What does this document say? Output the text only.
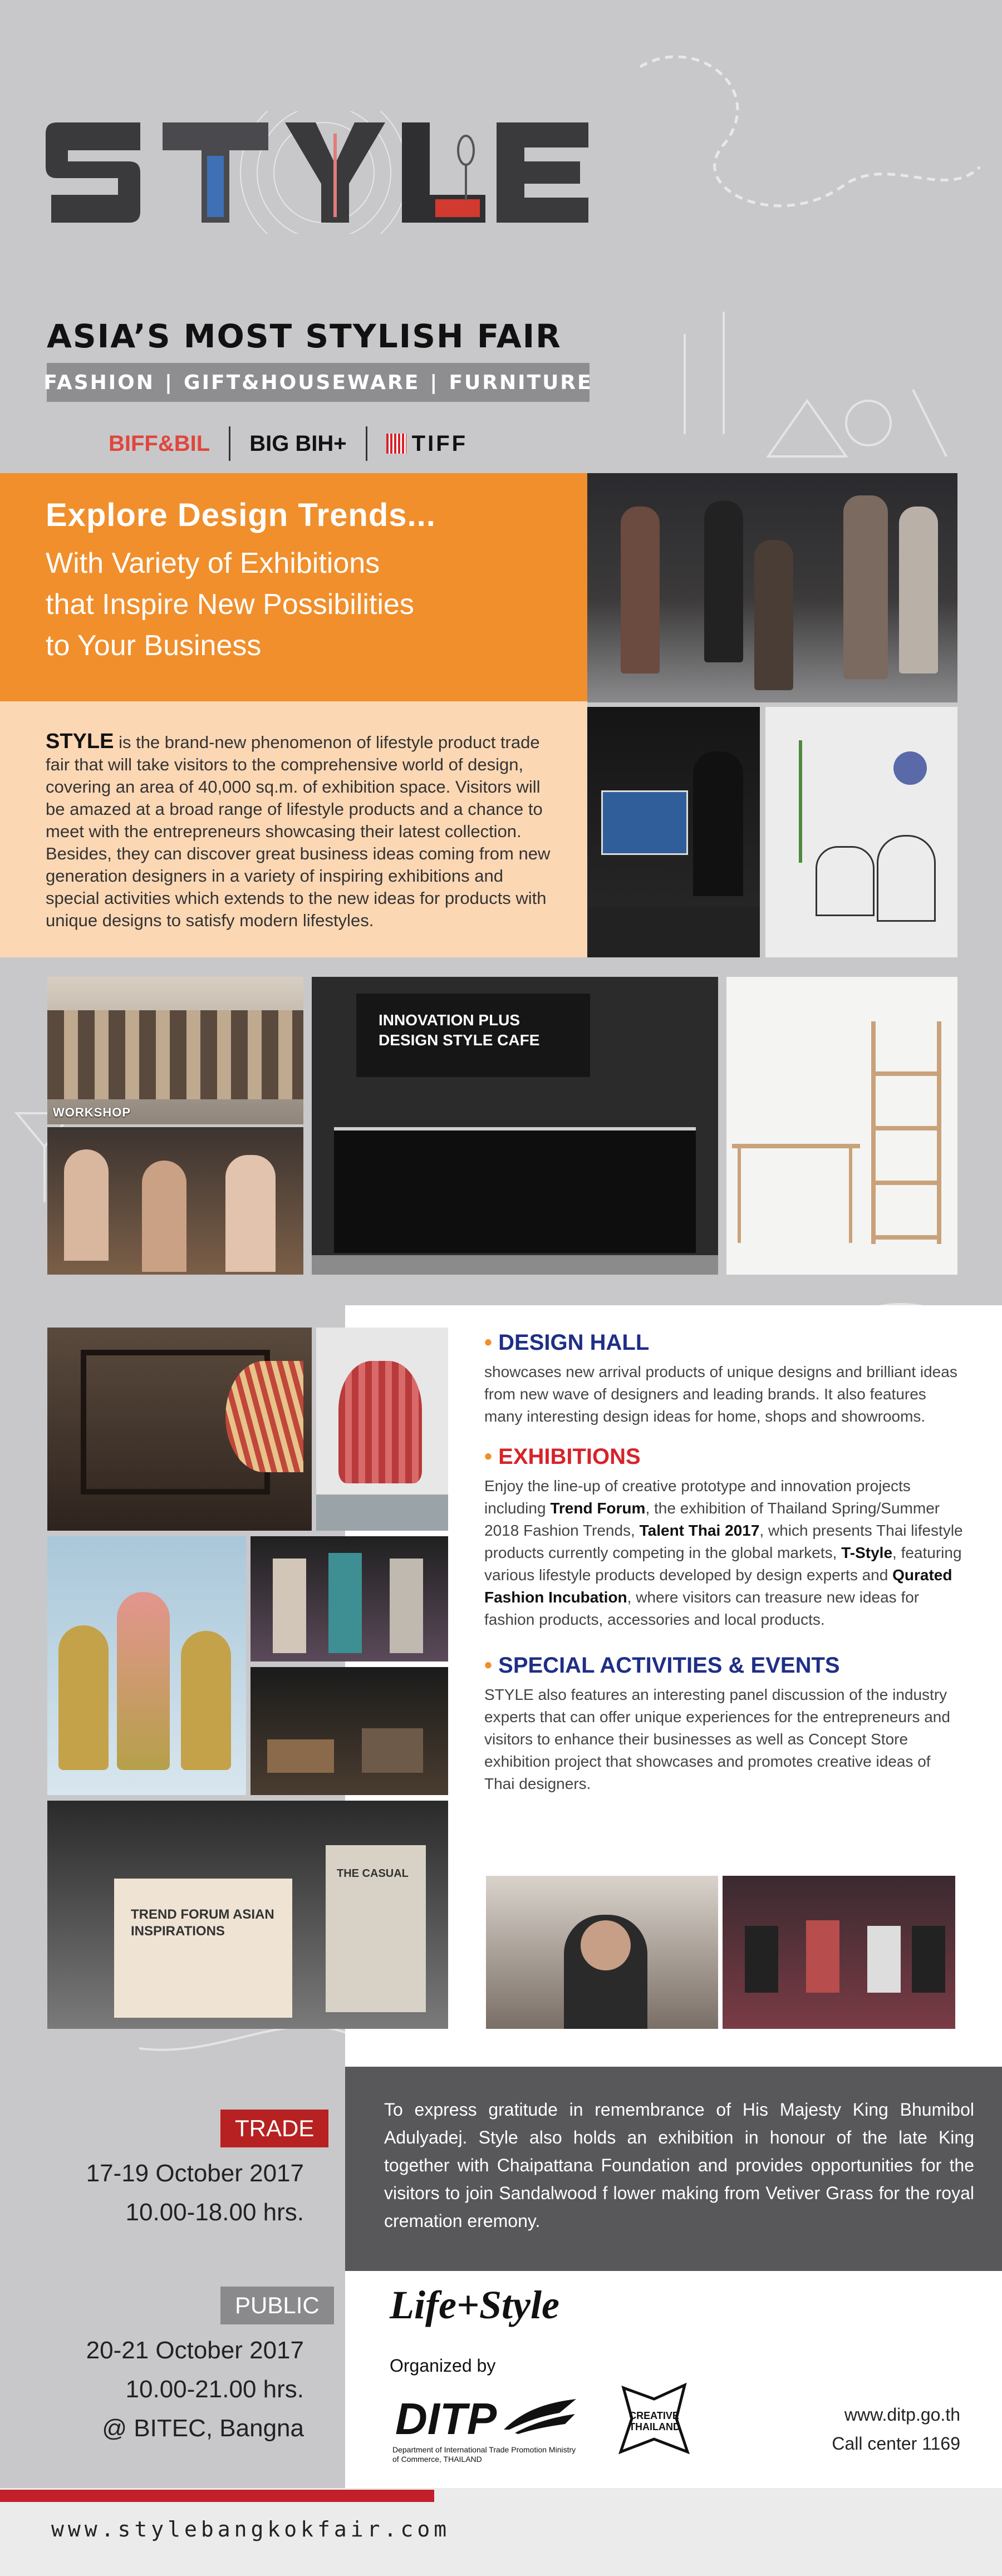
ASIA’S MOST STYLISH FAIR
FASHION | GIFT&HOUSEWARE | FURNITURE
BIFF&BIL BIG BIH+	TIFF
Explore Design Trends...
With Variety of Exhibitions
that Inspire New Possibilities
to Your Business

STYLE is the brand-new phenomenon of lifestyle product trade fair that will take visitors to the comprehensive world of design, covering an area of 40,000 sq.m. of exhibition space. Visitors will be amazed at a broad range of lifestyle products and a chance to meet with the entrepreneurs showcasing their latest collection. Besides, they can discover great business ideas coming from new generation designers in a variety of inspiring exhibitions and special activities which extends to the new ideas for products with unique designs to satisfy modern lifestyles.

WORKSHOP
INNOVATION PLUS DESIGN STYLE CAFE
TREND FORUM ASIAN INSPIRATIONS
THE CASUAL
• DESIGN HALL

showcases new arrival products of unique designs and brilliant ideas from new wave of designers and leading brands. It also features many interesting design ideas for home, shops and showrooms.

• EXHIBITIONS

Enjoy the line-up of creative prototype and innovation projects including Trend Forum, the exhibition of Thailand Spring/Summer 2018 Fashion Trends, Talent Thai 2017, which presents Thai lifestyle products currently competing in the global markets, T-Style, featuring various lifestyle products developed by design experts and Qurated Fashion Incubation, where visitors can treasure new ideas for fashion products, accessories and local products.

• SPECIAL ACTIVITIES & EVENTS

STYLE also features an interesting panel discussion of the industry experts that can offer unique experiences for the entrepreneurs and visitors to enhance their businesses as well as Concept Store exhibition project that showcases and promotes creative ideas of Thai designers.

To express gratitude in remembrance of His Majesty King Bhumibol Adulyadej. Style also holds an exhibition in honour of the late King together with Chaipattana Foundation and provides opportunities for the visitors to join Sandalwood f lower making from Vetiver Grass for the royal cremation eremony.

TRADE
17-19 October 2017
10.00-18.00 hrs.
PUBLIC
20-21 October 2017
10.00-21.00 hrs.
@ BITEC, Bangna
Life+Style
Organized by
DITP
Department of International Trade Promotion Ministry of Commerce, THAILAND
CREATIVE THAILAND
www.ditp.go.th
Call center 1169
www.stylebangkokfair.com
